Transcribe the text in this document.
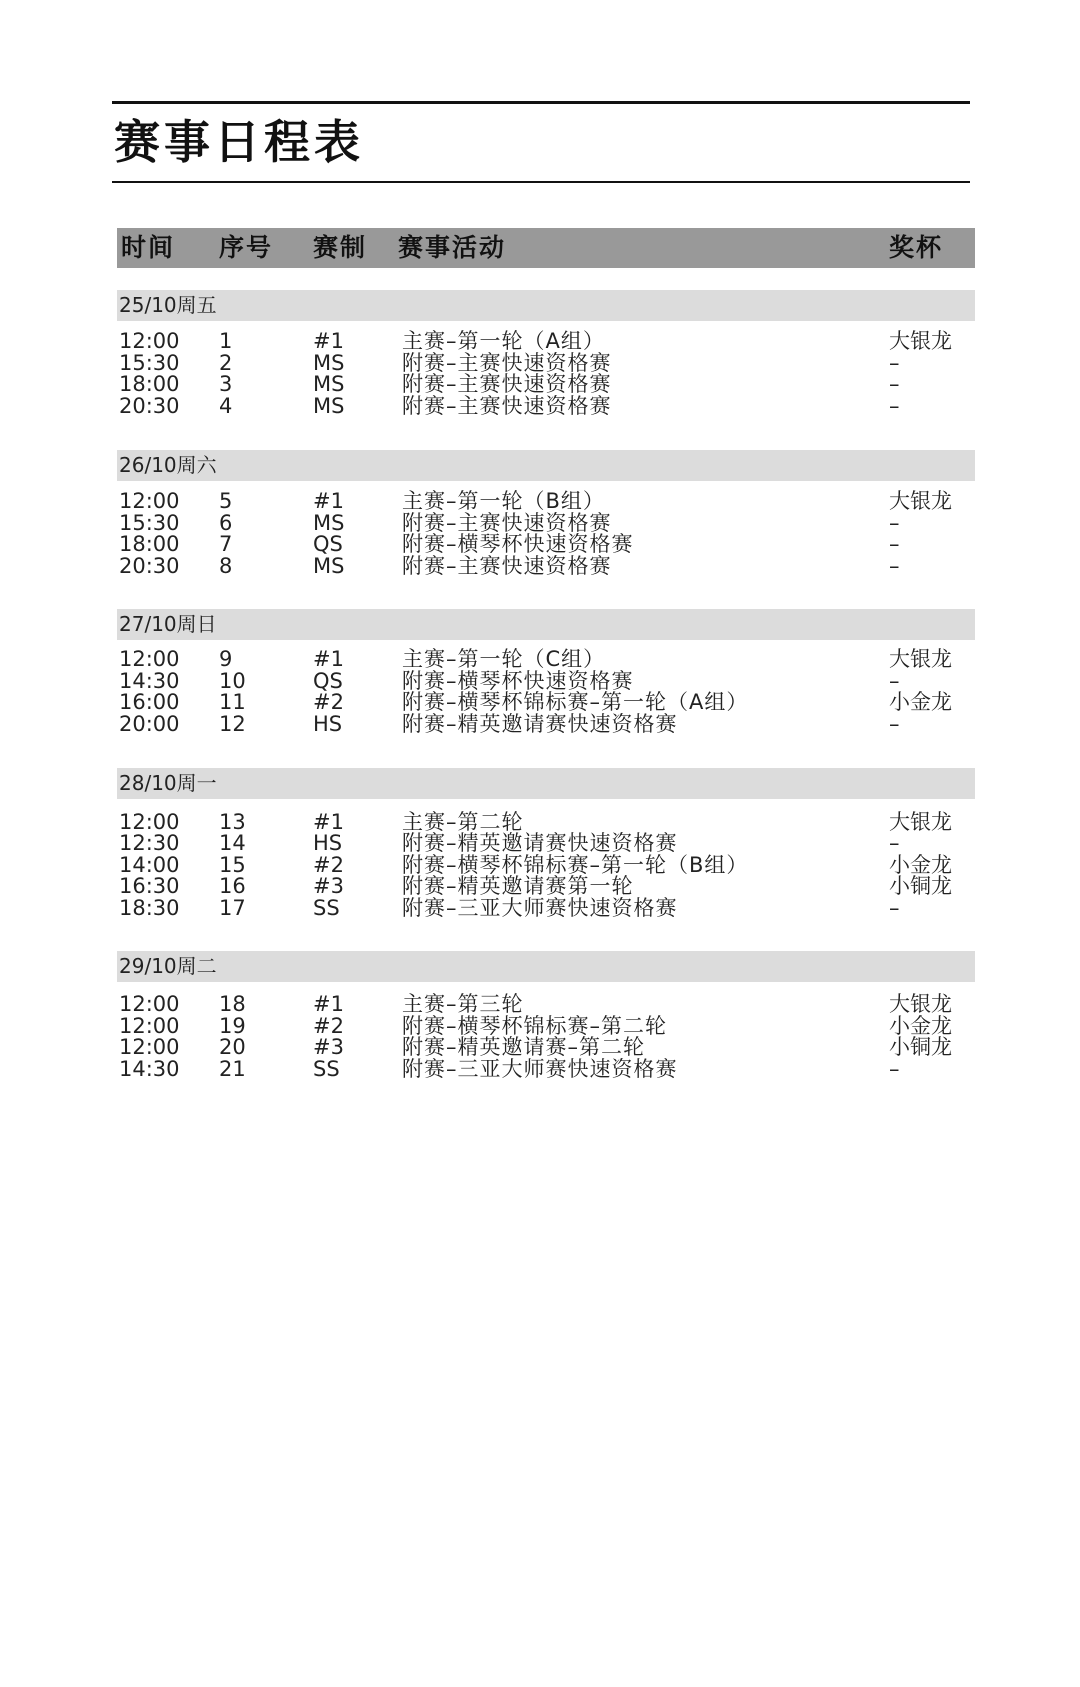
赛事日程表
时间 序号 赛制 赛事活动	奖杯
25/10周五
12:00 1	#1	主赛–第一轮（A组）	大银龙
15:30 2	MS	附赛–主赛快速资格赛	–
18:00 3	MS	附赛–主赛快速资格赛	–
20:30 4	MS	附赛–主赛快速资格赛	–
26/10周六
12:00 5	#1	主赛–第一轮（B组）	大银龙
15:30 6	MS	附赛–主赛快速资格赛	–
18:00 7	QS	附赛–横琴杯快速资格赛	–
20:30 8	MS	附赛–主赛快速资格赛	–
27/10周日
12:00 9	#1	主赛–第一轮（C组）	大银龙
14:30 10	QS	附赛–横琴杯快速资格赛	–
16:00 11	#2	附赛–横琴杯锦标赛–第一轮（A组）	小金龙
20:00 12	HS	附赛–精英邀请赛快速资格赛	–
28/10周一
12:00 13	#1	主赛–第二轮	大银龙
12:30 14	HS	附赛–精英邀请赛快速资格赛	–
14:00 15	#2	附赛–横琴杯锦标赛–第一轮（B组）	小金龙
16:30 16	#3	附赛–精英邀请赛第一轮	小铜龙
18:30 17	SS	附赛–三亚大师赛快速资格赛	–
29/10周二
12:00 18	#1	主赛–第三轮	大银龙
12:00 19	#2	附赛–横琴杯锦标赛–第二轮	小金龙
12:00 20	#3	附赛–精英邀请赛–第二轮	小铜龙
14:30 21	SS	附赛–三亚大师赛快速资格赛	–
